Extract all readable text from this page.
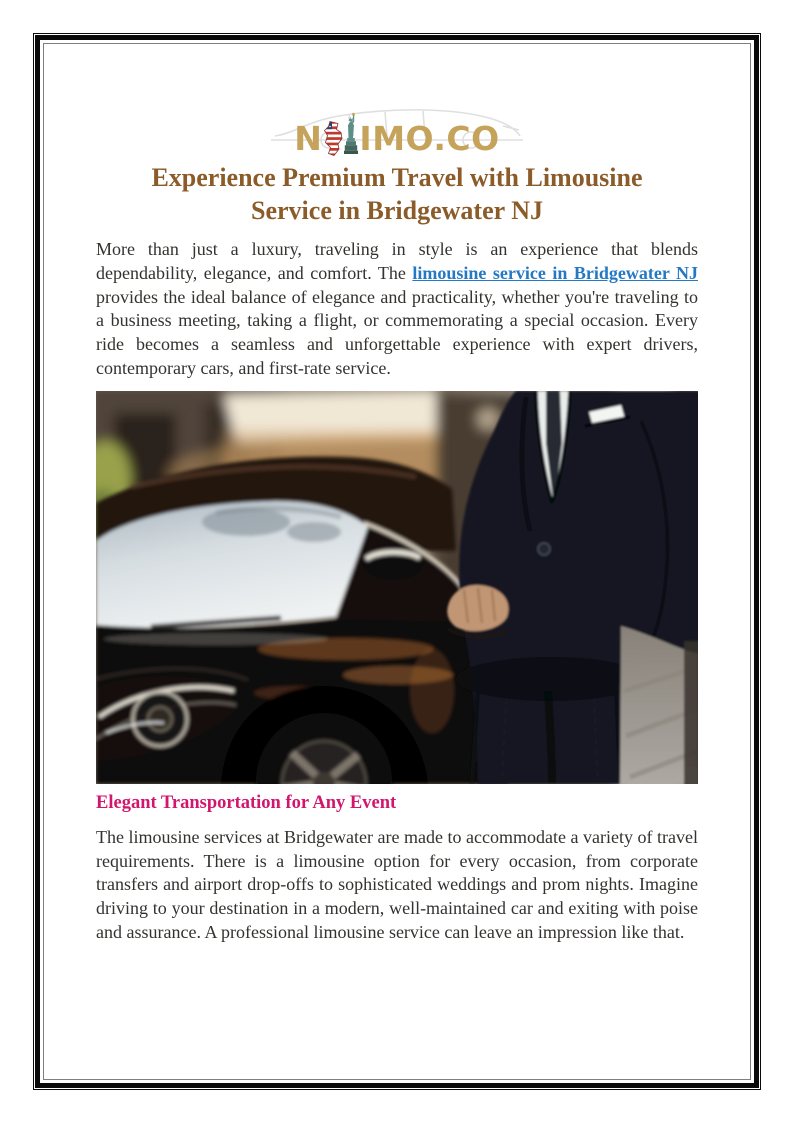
N IMO.CO
Experience Premium Travel with Limousine
Service in Bridgewater NJ

More than just a luxury, traveling in style is an experience that blends dependability, elegance, and comfort. The limousine service in Bridgewater NJ provides the ideal balance of elegance and practicality, whether you're traveling to a business meeting, taking a flight, or commemorating a special occasion. Every ride becomes a seamless and unforgettable experience with expert drivers, contemporary cars, and first-rate service.

Elegant Transportation for Any Event

The limousine services at Bridgewater are made to accommodate a variety of travel requirements. There is a limousine option for every occasion, from corporate transfers and airport drop-offs to sophisticated weddings and prom nights. Imagine driving to your destination in a modern, well-maintained car and exiting with poise and assurance. A professional limousine service can leave an impression like that.
